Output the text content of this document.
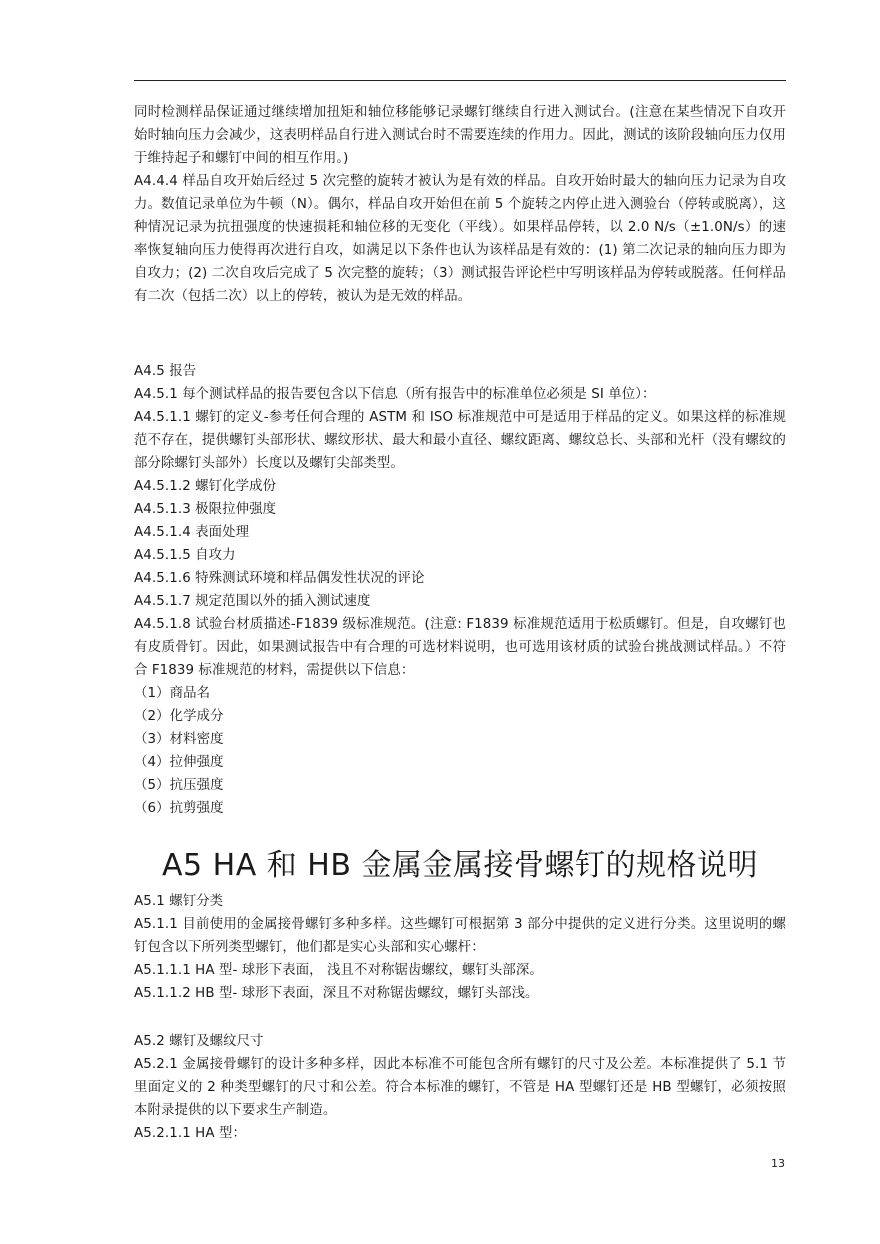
同时检测样品保证通过继续增加扭矩和轴位移能够记录螺钉继续自行进入测试台。(注意在某些情况下自攻开始时轴向压力会减少，这表明样品自行进入测试台时不需要连续的作用力。因此，测试的该阶段轴向压力仅用于维持起子和螺钉中间的相互作用。)

A4.4.4 样品自攻开始后经过 5 次完整的旋转才被认为是有效的样品。自攻开始时最大的轴向压力记录为自攻力。数值记录单位为牛顿（N）。偶尔，样品自攻开始但在前 5 个旋转之内停止进入测验台（停转或脱离），这种情况记录为抗扭强度的快速损耗和轴位移的无变化（平线）。如果样品停转，以 2.0 N/s（±1.0N/s）的速率恢复轴向压力使得再次进行自攻，如满足以下条件也认为该样品是有效的：(1) 第二次记录的轴向压力即为自攻力；(2) 二次自攻后完成了 5 次完整的旋转；（3）测试报告评论栏中写明该样品为停转或脱落。任何样品有二次（包括二次）以上的停转，被认为是无效的样品。

A4.5 报告

A4.5.1 每个测试样品的报告要包含以下信息（所有报告中的标准单位必须是 SI 单位）：

A4.5.1.1 螺钉的定义-参考任何合理的 ASTM 和 ISO 标准规范中可是适用于样品的定义。如果这样的标准规范不存在，提供螺钉头部形状、螺纹形状、最大和最小直径、螺纹距离、螺纹总长、头部和光杆（没有螺纹的部分除螺钉头部外）长度以及螺钉尖部类型。

A4.5.1.2 螺钉化学成份

A4.5.1.3 极限拉伸强度

A4.5.1.4 表面处理

A4.5.1.5 自攻力

A4.5.1.6 特殊测试环境和样品偶发性状况的评论

A4.5.1.7 规定范围以外的插入测试速度

A4.5.1.8 试验台材质描述-F1839 级标准规范。(注意: F1839 标准规范适用于松质螺钉。但是，自攻螺钉也有皮质骨钉。因此，如果测试报告中有合理的可选材料说明，也可选用该材质的试验台挑战测试样品。）不符合 F1839 标准规范的材料，需提供以下信息：

（1）商品名

（2）化学成分

（3）材料密度

（4）拉伸强度

（5）抗压强度

（6）抗剪强度

A5 HA 和 HB 金属金属接骨螺钉的规格说明

A5.1 螺钉分类

A5.1.1 目前使用的金属接骨螺钉多种多样。这些螺钉可根据第 3 部分中提供的定义进行分类。这里说明的螺钉包含以下所列类型螺钉，他们都是实心头部和实心螺杆：

A5.1.1.1 HA 型- 球形下表面， 浅且不对称锯齿螺纹，螺钉头部深。

A5.1.1.2 HB 型- 球形下表面，深且不对称锯齿螺纹，螺钉头部浅。

A5.2 螺钉及螺纹尺寸

A5.2.1 金属接骨螺钉的设计多种多样，因此本标准不可能包含所有螺钉的尺寸及公差。本标准提供了 5.1 节里面定义的 2 种类型螺钉的尺寸和公差。符合本标准的螺钉，不管是 HA 型螺钉还是 HB 型螺钉，必须按照本附录提供的以下要求生产制造。

A5.2.1.1 HA 型：

13
